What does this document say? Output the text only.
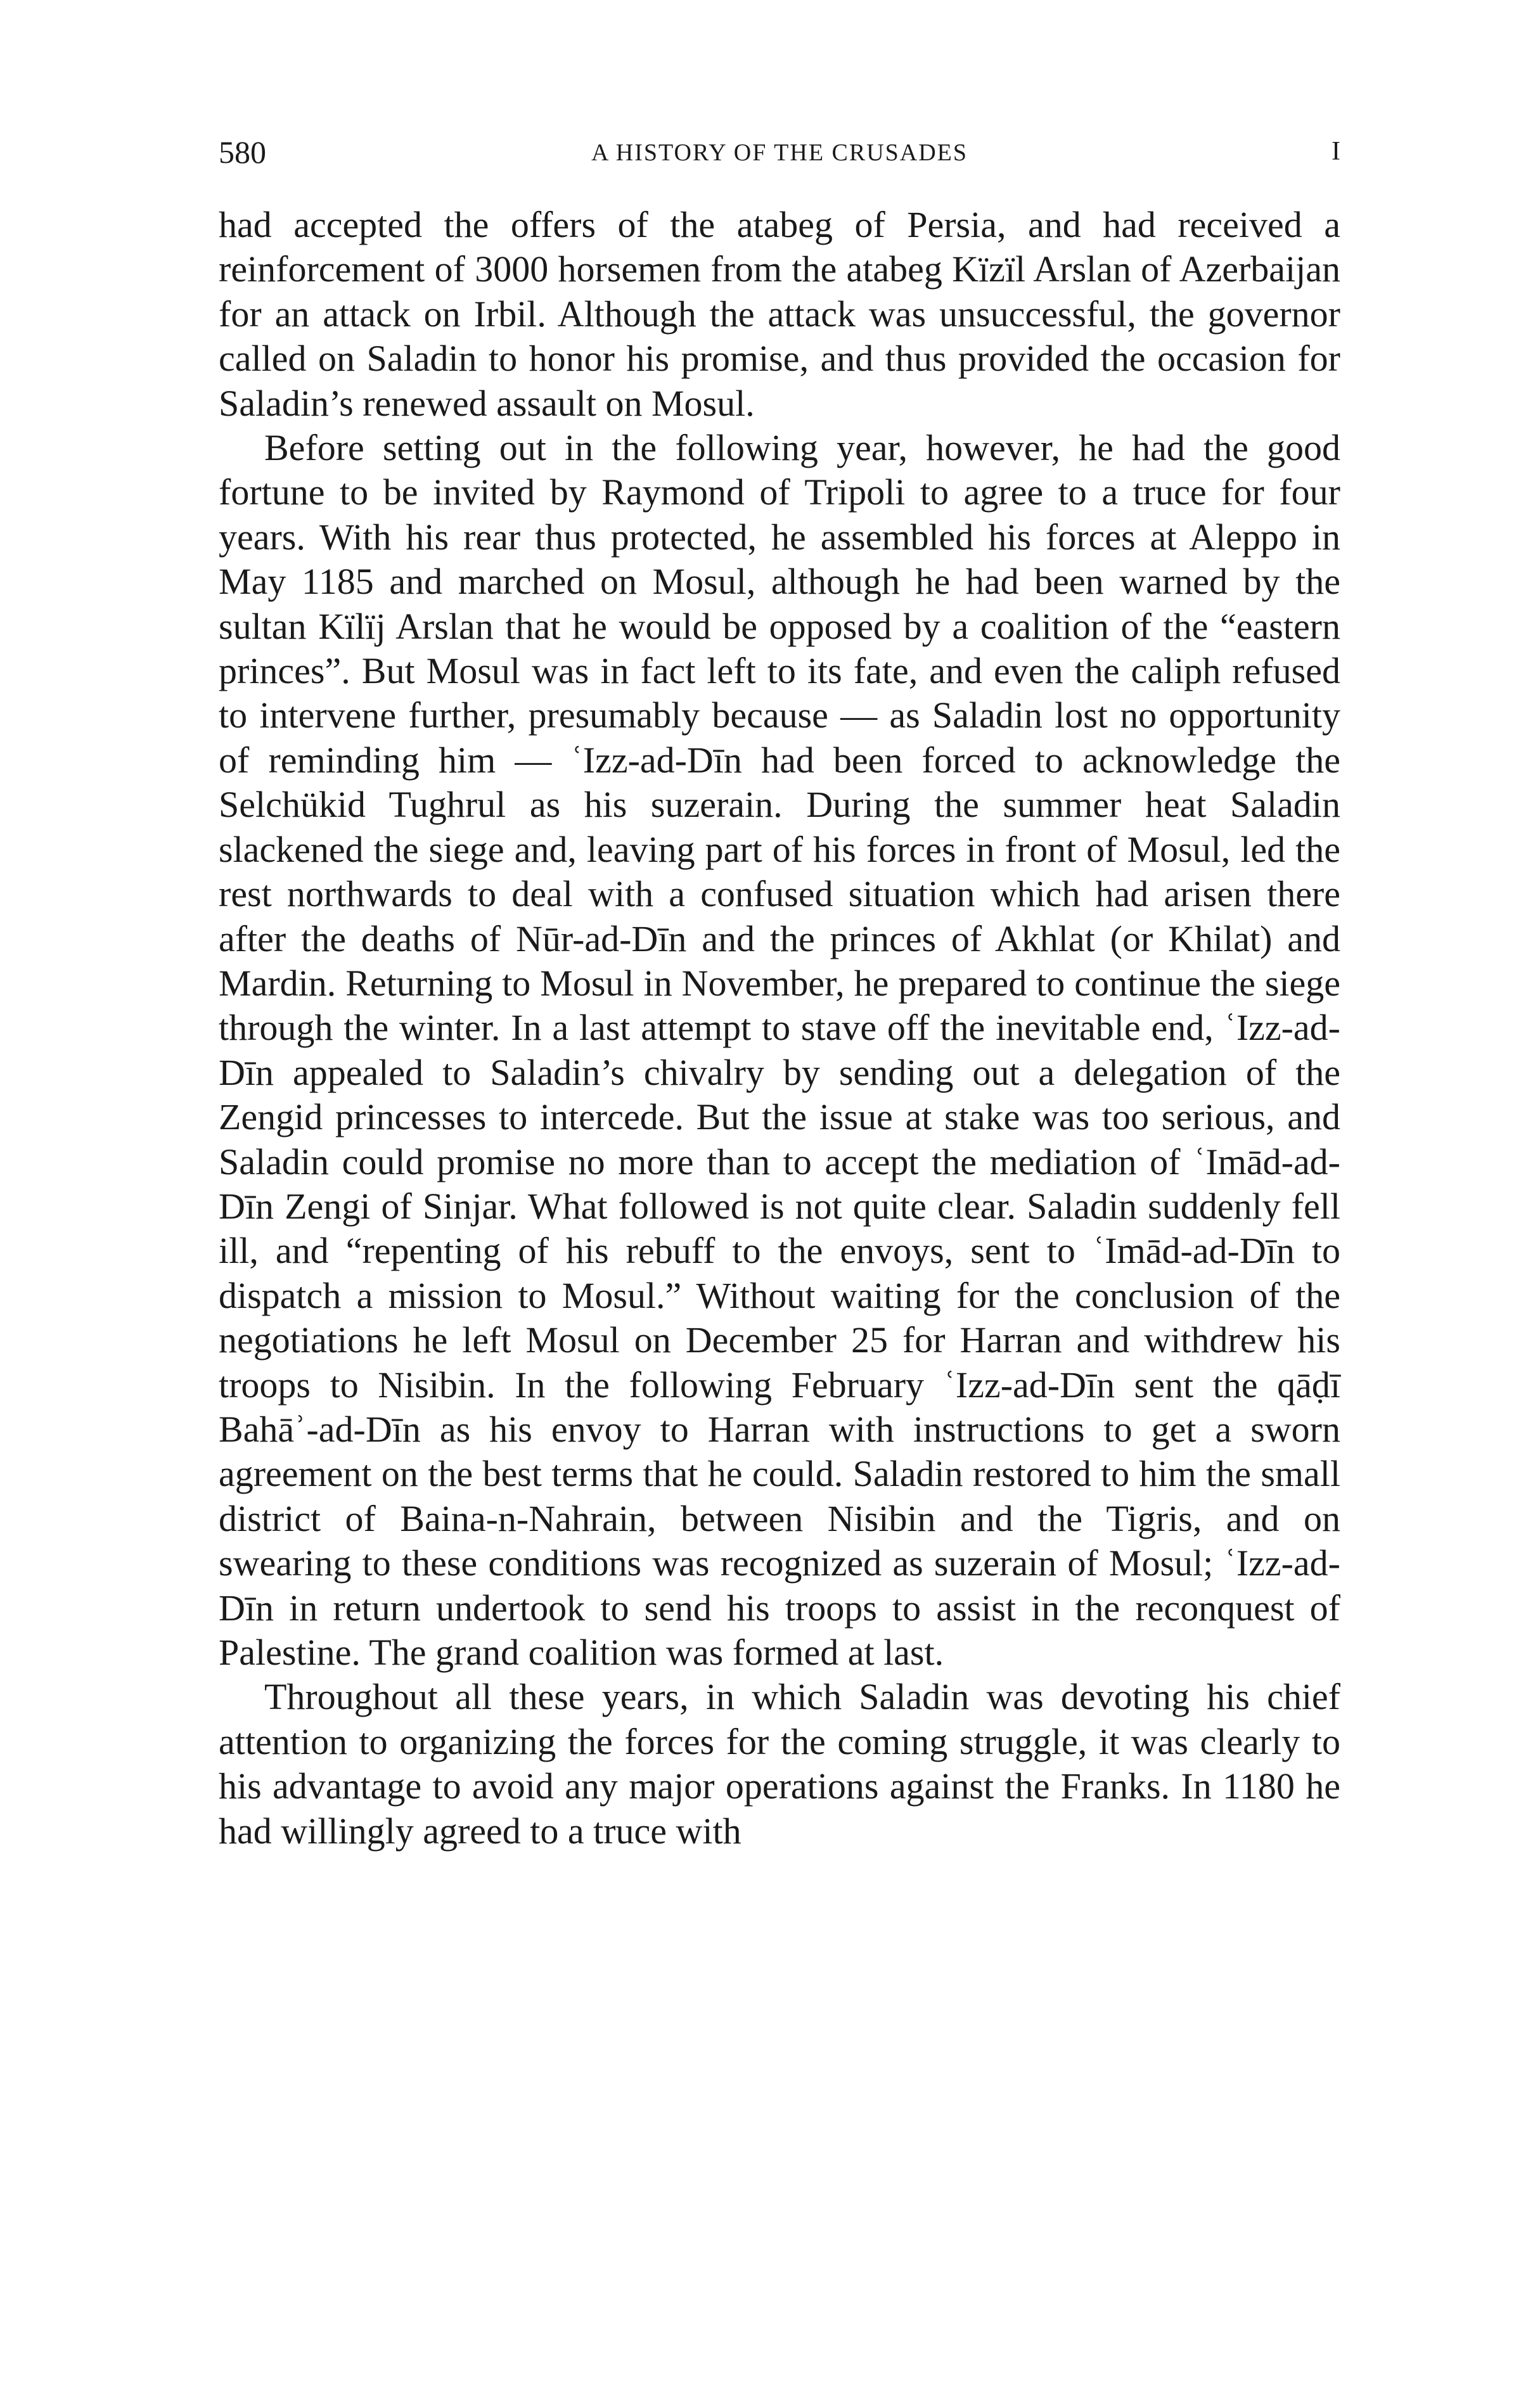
580	A HISTORY OF THE CRUSADES	I

had accepted the offers of the atabeg of Persia, and had received a reinforcement of 3000 horsemen from the atabeg Kïzïl Arslan of Azerbaijan for an attack on Irbil. Although the attack was unsuccessful, the governor called on Saladin to honor his promise, and thus provided the occasion for Saladin’s renewed assault on Mosul.

Before setting out in the following year, however, he had the good fortune to be invited by Raymond of Tripoli to agree to a truce for four years. With his rear thus protected, he assembled his forces at Aleppo in May 1185 and marched on Mosul, although he had been warned by the sultan Kïlïj Arslan that he would be opposed by a coalition of the “eastern princes”. But Mosul was in fact left to its fate, and even the caliph refused to intervene further, presumably because — as Saladin lost no opportunity of reminding him — ʿIzz-ad-Dīn had been forced to acknowledge the Selchükid Tughrul as his suzerain. During the summer heat Saladin slackened the siege and, leaving part of his forces in front of Mosul, led the rest northwards to deal with a confused situation which had arisen there after the deaths of Nūr-ad-Dīn and the princes of Akhlat (or Khilat) and Mardin. Returning to Mosul in November, he prepared to continue the siege through the winter. In a last attempt to stave off the inevitable end, ʿIzz-ad-Dīn appealed to Saladin’s chivalry by sending out a delegation of the Zengid princesses to intercede. But the issue at stake was too serious, and Saladin could promise no more than to accept the mediation of ʿImād-ad-Dīn Zengi of Sinjar. What followed is not quite clear. Saladin suddenly fell ill, and “repenting of his rebuff to the envoys, sent to ʿImād-ad-Dīn to dispatch a mission to Mosul.” Without waiting for the conclusion of the negotiations he left Mosul on December 25 for Harran and withdrew his troops to Nisibin. In the following February ʿIzz-ad-Dīn sent the qāḍī Bahāʾ-ad-Dīn as his envoy to Harran with instructions to get a sworn agreement on the best terms that he could. Saladin restored to him the small district of Baina-n-Nahrain, between Nisibin and the Tigris, and on swearing to these conditions was recognized as suzerain of Mosul; ʿIzz-ad-Dīn in return undertook to send his troops to assist in the reconquest of Palestine. The grand coalition was formed at last.

Throughout all these years, in which Saladin was devoting his chief attention to organizing the forces for the coming struggle, it was clearly to his advantage to avoid any major operations against the Franks. In 1180 he had willingly agreed to a truce with
